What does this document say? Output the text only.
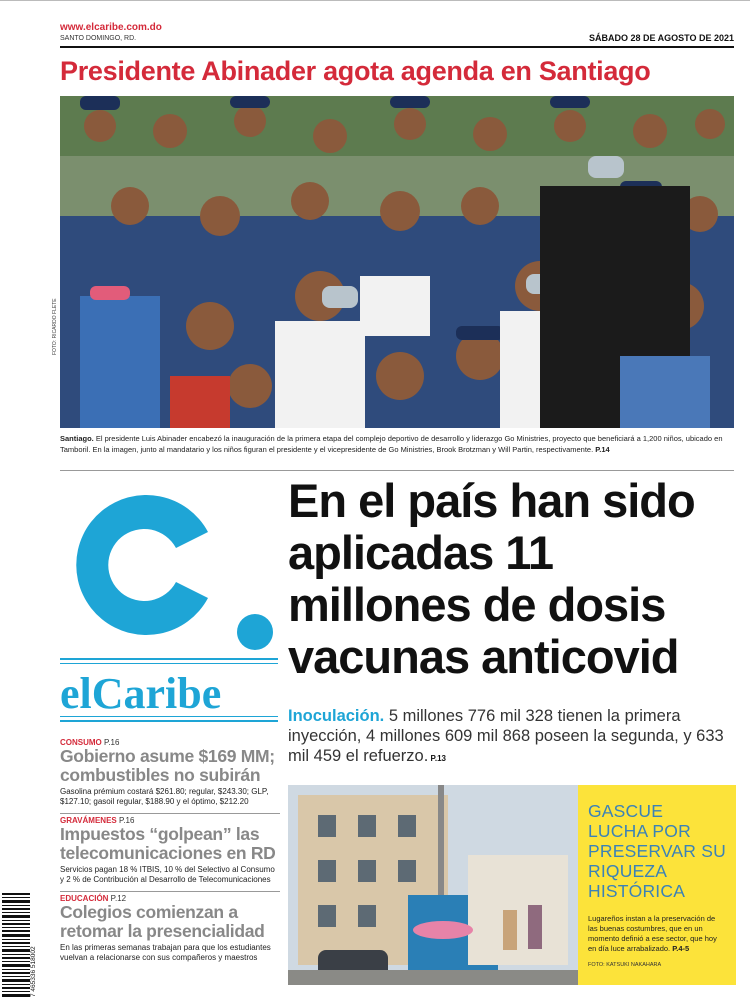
www.elcaribe.com.do
SANTO DOMINGO, RD.	SÁBADO 28 DE AGOSTO DE 2021
Presidente Abinader agota agenda en Santiago
FOTO: RICARDO FLETE

Santiago. El presidente Luis Abinader encabezó la inauguración de la primera etapa del complejo deportivo de desarrollo y liderazgo Go Ministries, proyecto que beneficiará a 1,200 niños, ubicado en Tamboril. En la imagen, junto al mandatario y los niños figuran el presidente y el vicepresidente de Go Ministries, Brook Brotzman y Will Partin, respectivamente. P.14

elCaribe
En el país han sido aplicadas 11 millones de dosis vacunas anticovid

Inoculación. 5 millones 776 mil 328 tienen la primera inyección, 4 millones 609 mil 868 poseen la segunda, y 633 mil 459 el refuerzo. P.13

CONSUMO P.16
Gobierno asume $169 MM; combustibles no subirán
Gasolina prémium costará $261.80; regular, $243.30; GLP, $127.10; gasoil regular, $188.90 y el óptimo, $212.20
GRAVÁMENES P.16
Impuestos “golpean” las telecomunicaciones en RD
Servicios pagan 18 % ITBIS, 10 % del Selectivo al Consumo y 2 % de Contribución al Desarrollo de Telecomunicaciones
EDUCACIÓN P.12
Colegios comienzan a retomar la presencialidad
En las primeras semanas trabajan para que los estudiantes vuelvan a relacionarse con sus compañeros y maestros
7 465336 518002
GASCUE LUCHA POR PRESERVAR SU RIQUEZA HISTÓRICA

Lugareños instan a la preservación de las buenas costumbres, que en un momento definió a ese sector, que hoy en día luce arrabalizado. P.4-5

FOTO: KATSUKI NAKAHARA
